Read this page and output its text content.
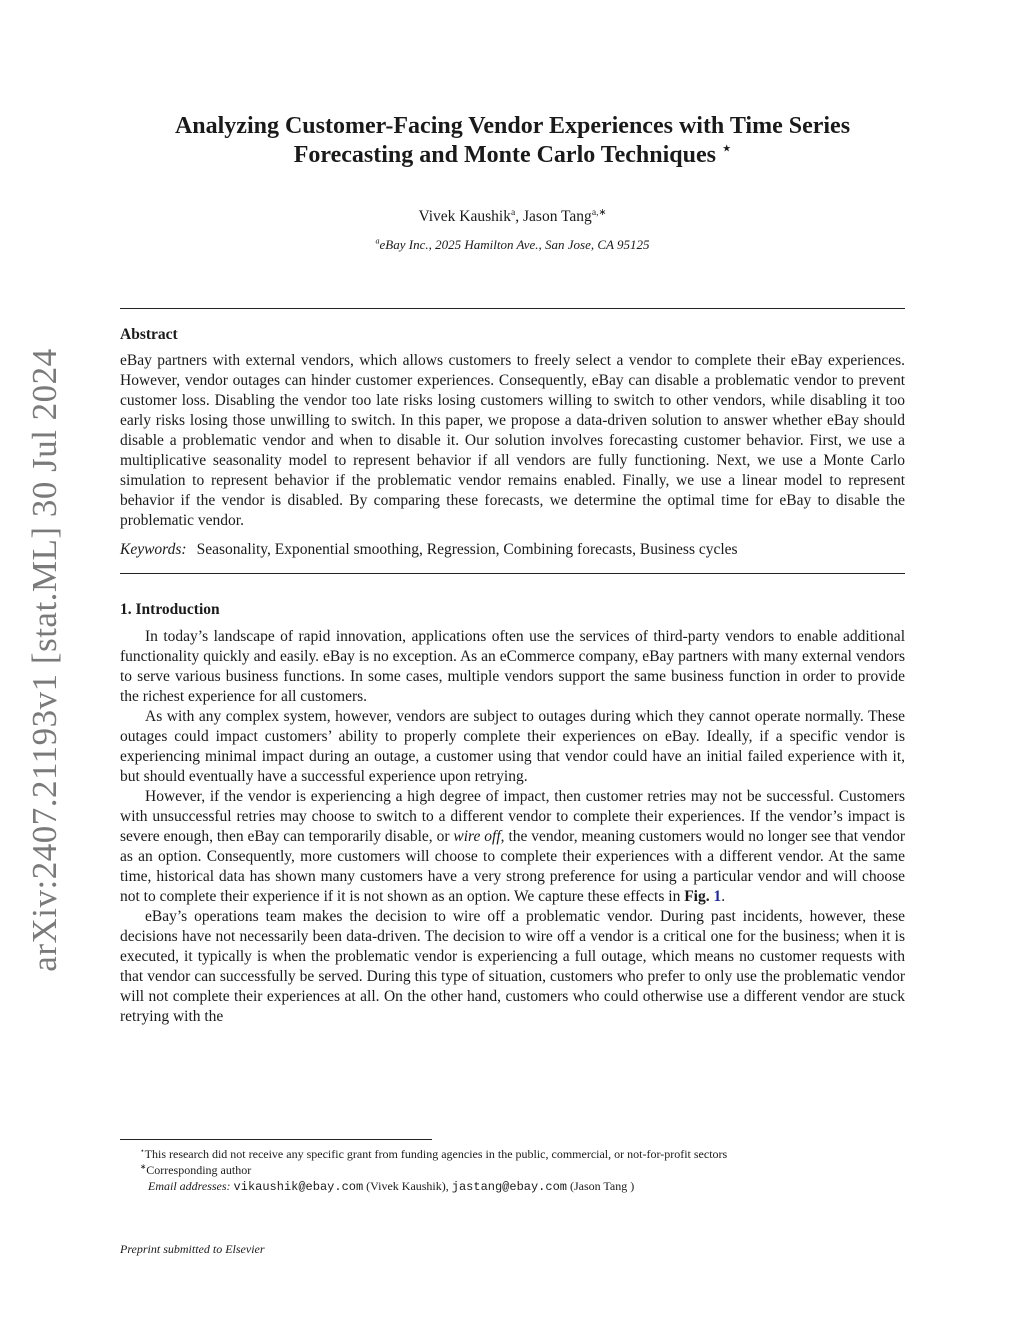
arXiv:2407.21193v1 [stat.ML] 30 Jul 2024
Analyzing Customer-Facing Vendor Experiences with Time Series
Forecasting and Monte Carlo Techniques ⋆
Vivek Kaushik$^a$, Jason Tang$^{a,∗}$
$^a$eBay Inc., 2025 Hamilton Ave., San Jose, CA 95125
Abstract
eBay partners with external vendors, which allows customers to freely select a vendor to complete their eBay experiences. However, vendor outages can hinder customer experiences. Consequently, eBay can disable a problematic vendor to prevent customer loss. Disabling the vendor too late risks losing customers willing to switch to other vendors, while disabling it too early risks losing those unwilling to switch. In this paper, we propose a data-driven solution to answer whether eBay should disable a problematic vendor and when to disable it. Our solution involves forecasting customer behavior. First, we use a multiplicative seasonality model to represent behavior if all vendors are fully functioning. Next, we use a Monte Carlo simulation to represent behavior if the problematic vendor remains enabled. Finally, we use a linear model to represent behavior if the vendor is disabled. By comparing these forecasts, we determine the optimal time for eBay to disable the problematic vendor.
Keywords: Seasonality, Exponential smoothing, Regression, Combining forecasts, Business cycles
1. Introduction

In today’s landscape of rapid innovation, applications often use the services of third-party vendors to enable additional functionality quickly and easily. eBay is no exception. As an eCommerce company, eBay partners with many external vendors to serve various business functions. In some cases, multiple vendors support the same business function in order to provide the richest experience for all customers.

As with any complex system, however, vendors are subject to outages during which they cannot operate normally. These outages could impact customers’ ability to properly complete their experiences on eBay. Ideally, if a specific vendor is experiencing minimal impact during an outage, a customer using that vendor could have an initial failed experience with it, but should eventually have a successful experience upon retrying.

However, if the vendor is experiencing a high degree of impact, then customer retries may not be successful. Customers with unsuccessful retries may choose to switch to a different vendor to complete their experiences. If the vendor’s impact is severe enough, then eBay can temporarily disable, or wire off, the vendor, meaning customers would no longer see that vendor as an option. Consequently, more customers will choose to complete their experiences with a different vendor. At the same time, historical data has shown many customers have a very strong preference for using a particular vendor and will choose not to complete their experience if it is not shown as an option. We capture these effects in Fig. 1.

eBay’s operations team makes the decision to wire off a problematic vendor. During past incidents, however, these decisions have not necessarily been data-driven. The decision to wire off a vendor is a critical one for the business; when it is executed, it typically is when the problematic vendor is experiencing a full outage, which means no customer requests with that vendor can successfully be served. During this type of situation, customers who prefer to only use the problematic vendor will not complete their experiences at all. On the other hand, customers who could otherwise use a different vendor are stuck retrying with the

⋆This research did not receive any specific grant from funding agencies in the public, commercial, or not-for-profit sectors
∗Corresponding author
Email addresses: vikaushik@ebay.com (Vivek Kaushik), jastang@ebay.com (Jason Tang )
Preprint submitted to Elsevier
